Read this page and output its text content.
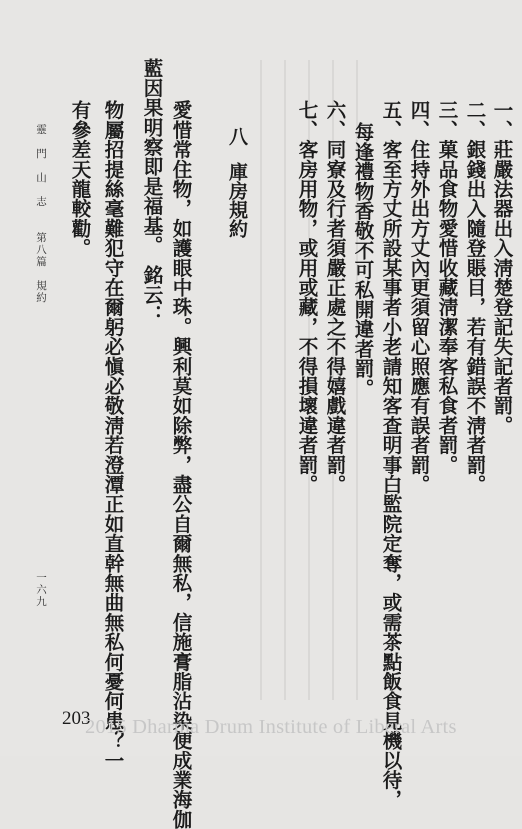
一、莊嚴法器出入淸楚登記失記者罰。
二、銀錢出入隨登賬目，若有錯誤不淸者罰。
三、菓品食物愛惜收藏淸潔奉客私食者罰。
四、住持外出方丈內更須留心照應有誤者罰。
五、客至方丈所設某事者小老請知客查明事白監院定奪，或需茶點飯食見機以待，
每逢禮物香敬不可私開違者罰。
六、同寮及行者須嚴正處之不得嬉戲違者罰。
七、客房用物，或用或藏，不得損壞違者罰。
八庫房規約
愛惜常住物，如護眼中珠。興利莫如除弊，盡公自爾無私，信施膏脂沾染便成業海伽
藍因果明察即是福基。　銘云：
物屬招提絲毫難犯守在爾躬必愼必敬淸若澄潭正如直幹無曲無私何憂何患？一
有參差天龍較勸。
靈　門　山　志　　第八篇　規約
一六九
203
2015 Dharma Drum Institute of Liberal Arts
